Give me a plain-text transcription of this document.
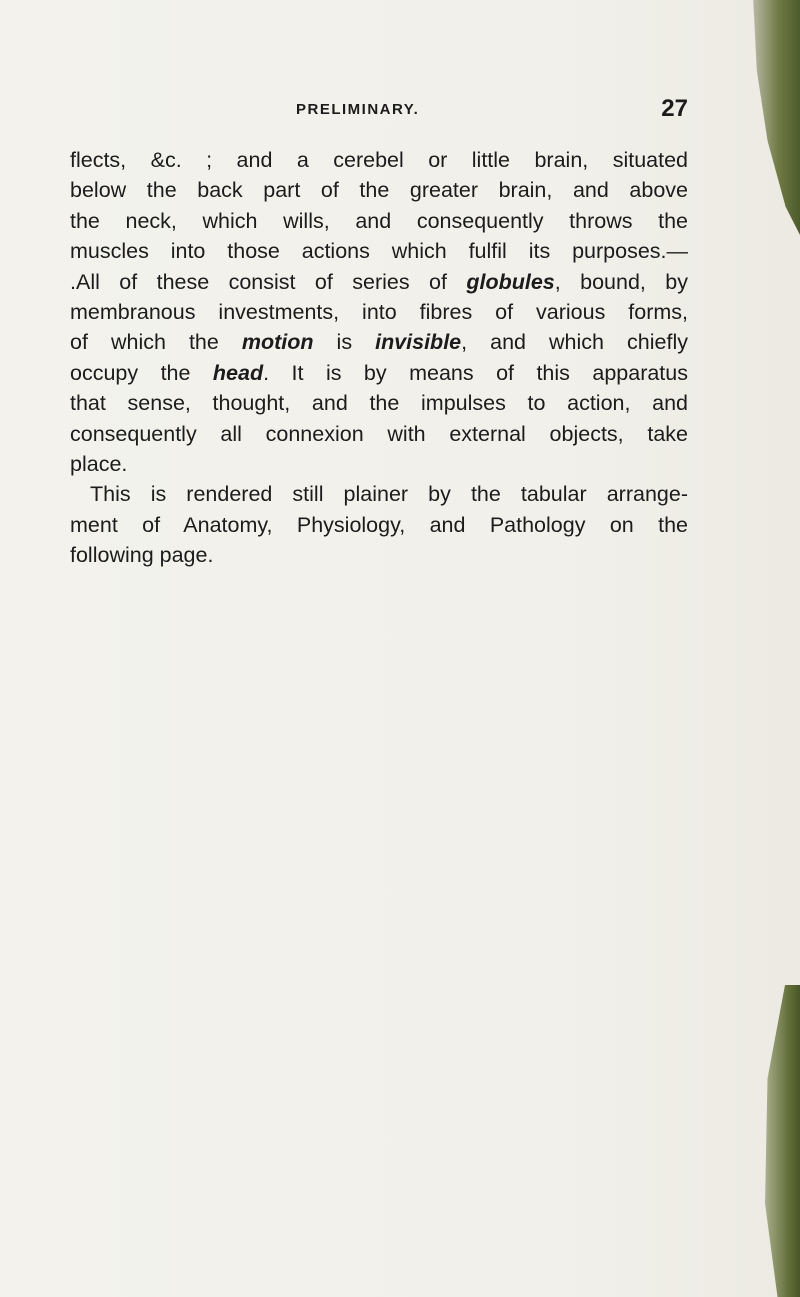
PRELIMINARY.	27
flects, &c. ; and a cerebel or little brain, situated
below the back part of the greater brain, and above
the neck, which wills, and consequently throws the
muscles into those actions which fulfil its purposes.—
.All of these consist of series of globules, bound, by
membranous investments, into fibres of various forms,
of which the motion is invisible, and which chiefly
occupy the head. It is by means of this apparatus
that sense, thought, and the impulses to action, and
consequently all connexion with external objects, take
place.
This is rendered still plainer by the tabular arrange-
ment of Anatomy, Physiology, and Pathology on the
following page.
